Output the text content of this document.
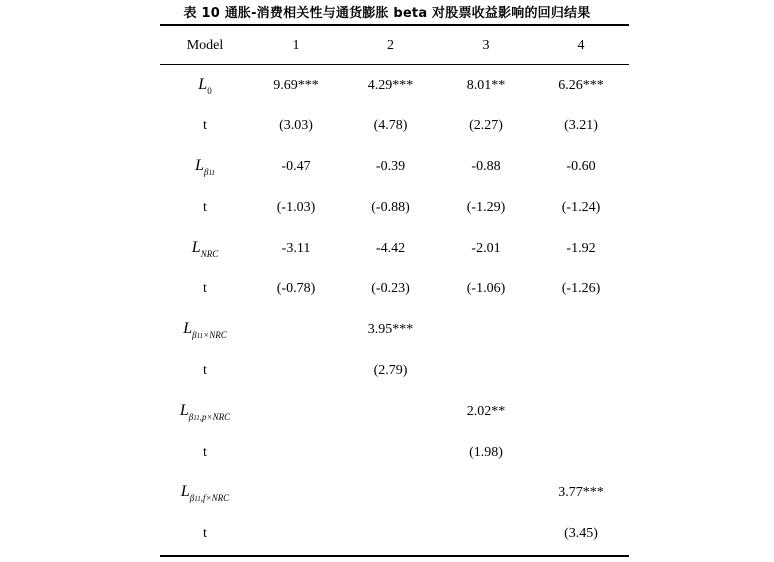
表 10 通胀-消费相关性与通货膨胀 beta 对股票收益影响的回归结果
Model	1	2	3	4
$L_0$	9.69***	4.29***	8.01**	6.26***
t	(3.03)	(4.78)	(2.27)	(3.21)
$L_{\beta 11}$	-0.47	-0.39	-0.88	-0.60
t	(-1.03)	(-0.88)	(-1.29)	(-1.24)
$L_{NRC}$	-3.11	-4.42	-2.01	-1.92
t	(-0.78)	(-0.23)	(-1.06)	(-1.26)
$L_{\beta 11\times NRC}$		3.95***		
t		(2.79)		
$L_{\beta 11,p\times NRC}$			2.02**	
t			(1.98)	
$L_{\beta 11,f\times NRC}$				3.77***
t				(3.45)
